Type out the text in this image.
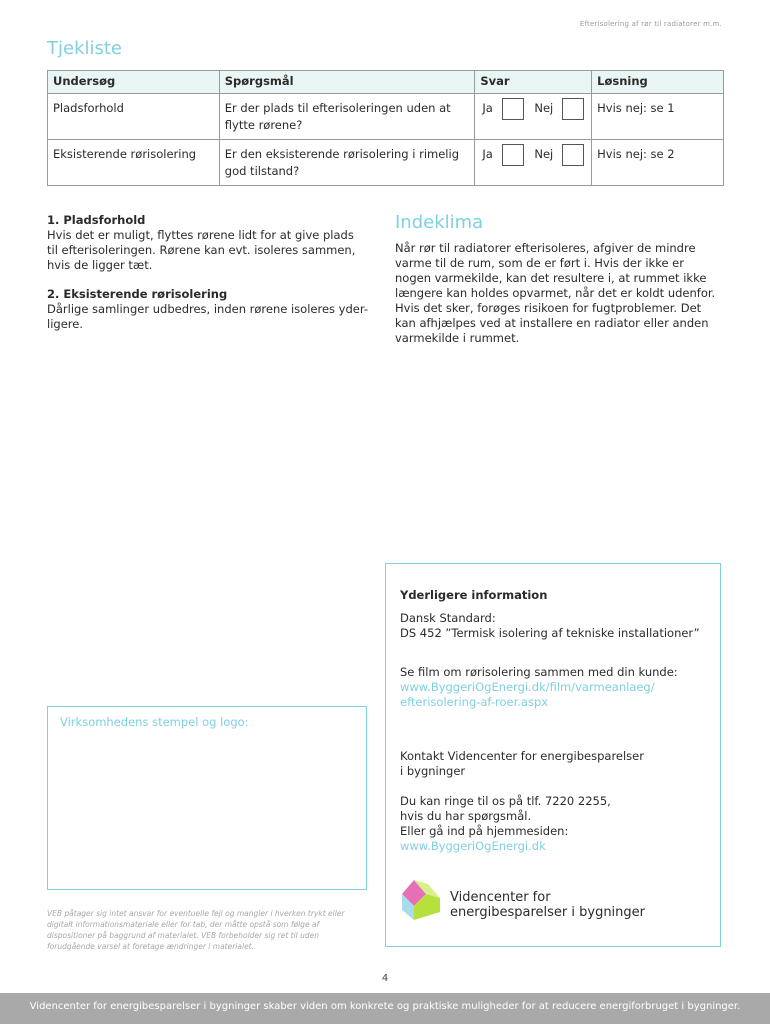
Efterisolering af rør til radiatorer m.m.
Tjekliste
Undersøg	Spørgsmål	Svar	Løsning
Pladsforhold	Er der plads til efterisoleringen uden at flytte rørene?	Ja Nej	Hvis nej: se 1
Eksisterende rørisolering	Er den eksisterende rørisolering i rimelig god tilstand?	Ja Nej	Hvis nej: se 2
1. Pladsforhold
Hvis det er muligt, flyttes rørene lidt for at give plads
til efterisoleringen. Rørene kan evt. isoleres sammen,
hvis de ligger tæt.
2. Eksisterende rørisolering
Dårlige samlinger udbedres, inden rørene isoleres yder-
ligere.
Indeklima
Når rør til radiatorer efterisoleres, afgiver de mindre
varme til de rum, som de er ført i. Hvis der ikke er
nogen varmekilde, kan det resultere i, at rummet ikke
længere kan holdes opvarmet, når det er koldt udenfor.
Hvis det sker, forøges risikoen for fugtproblemer. Det
kan afhjælpes ved at installere en radiator eller anden
varmekilde i rummet.
Yderligere information
Dansk Standard:
DS 452 ”Termisk isolering af tekniske installationer”
Se film om rørisolering sammen med din kunde:
www.ByggeriOgEnergi.dk/film/varmeanlaeg/
efterisolering-af-roer.aspx
Kontakt Videncenter for energibesparelser
i bygninger
Du kan ringe til os på tlf. 7220 2255,
hvis du har spørgsmål.
Eller gå ind på hjemmesiden:
www.ByggeriOgEnergi.dk
Videncenter for
energibesparelser i bygninger
Virksomhedens stempel og logo:
VEB påtager sig intet ansvar for eventuelle fejl og mangler i hverken trykt eller digitalt informationsmateriale eller for tab, der måtte opstå som følge af dispositioner på baggrund af materialet. VEB forbeholder sig ret til uden forudgående varsel at foretage ændringer i materialet.
4
Videncenter for energibesparelser i bygninger skaber viden om konkrete og praktiske muligheder for at reducere energiforbruget i bygninger.
